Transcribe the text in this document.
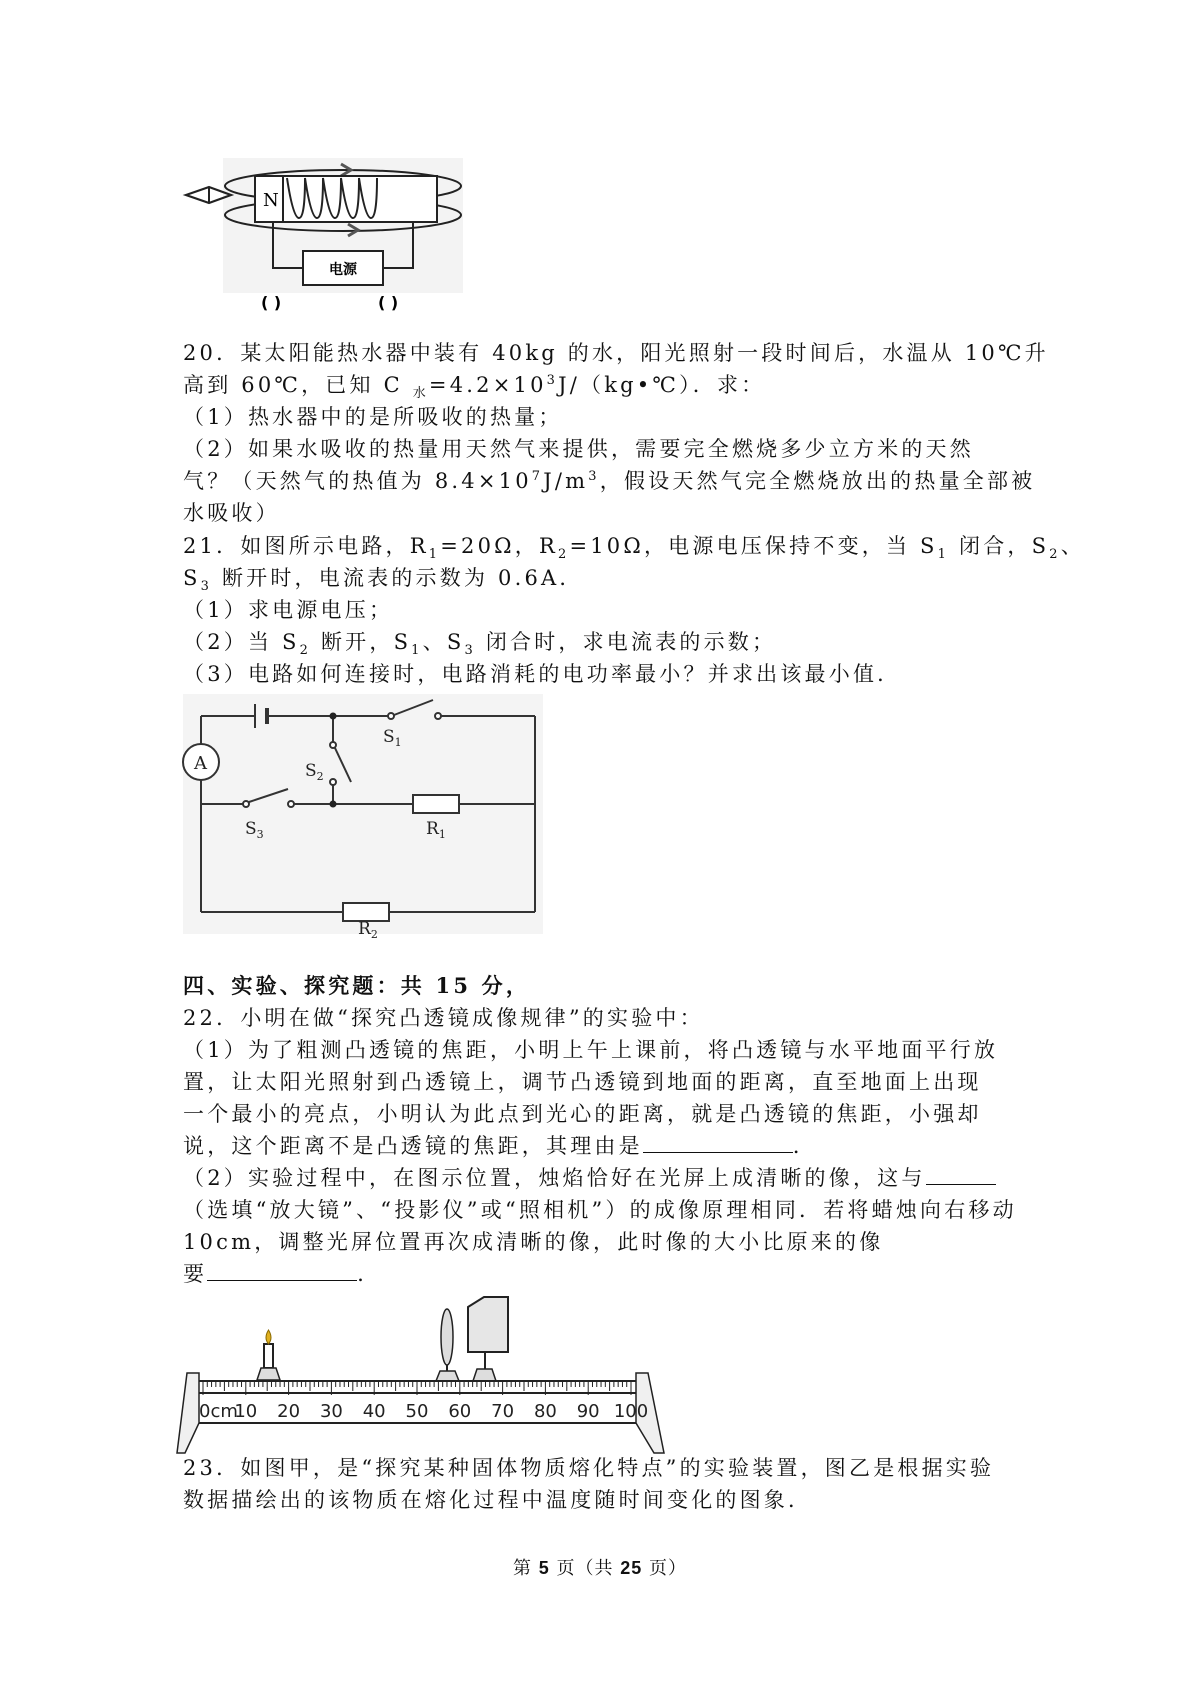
N
电源
( )	( )
20．某太阳能热水器中装有 40kg 的水，阳光照射一段时间后，水温从 10℃升
高到 60℃，已知 C $_水=4.2\times 10^3J/(kg•℃)$．求：
（1）热水器中的是所吸收的热量；
（2）如果水吸收的热量用天然气来提供，需要完全燃烧多少立方米的天然
气？（天然气的热值为 $8.4\times 10^7J/m^3$，假设天然气完全燃烧放出的热量全部被
水吸收）
21．如图所示电路，$R_1=20\Omega$，$R_2=10\Omega$，电源电压保持不变，当 $S_1$ 闭合，$S_2$、
$S_3$ 断开时，电流表的示数为 0.6A．
（1）求电源电压；
（2）当 $S_2$ 断开，$S_1$、$S_3$ 闭合时，求电流表的示数；
（3）电路如何连接时，电路消耗的电功率最小？并求出该最小值．
A
$S_1$
$S_2$
$S_3$	$R_1$
$R_2$
四、实验、探究题：共 15 分，
22．小明在做“探究凸透镜成像规律”的实验中：
（1）为了粗测凸透镜的焦距，小明上午上课前，将凸透镜与水平地面平行放
置，让太阳光照射到凸透镜上，调节凸透镜到地面的距离，直至地面上出现
一个最小的亮点，小明认为此点到光心的距离，就是凸透镜的焦距，小强却
说，这个距离不是凸透镜的焦距，其理由是	．
（2）实验过程中，在图示位置，烛焰恰好在光屏上成清晰的像，这与
（选填“放大镜”、“投影仪”或“照相机”）的成像原理相同．若将蜡烛向右移动
10cm，调整光屏位置再次成清晰的像，此时像的大小比原来的像
要	．
0cm
10 20 30 40 50 60 70 80 90 100
23．如图甲，是“探究某种固体物质熔化特点”的实验装置，图乙是根据实验
数据描绘出的该物质在熔化过程中温度随时间变化的图象．
第 5 页（共 25 页）
